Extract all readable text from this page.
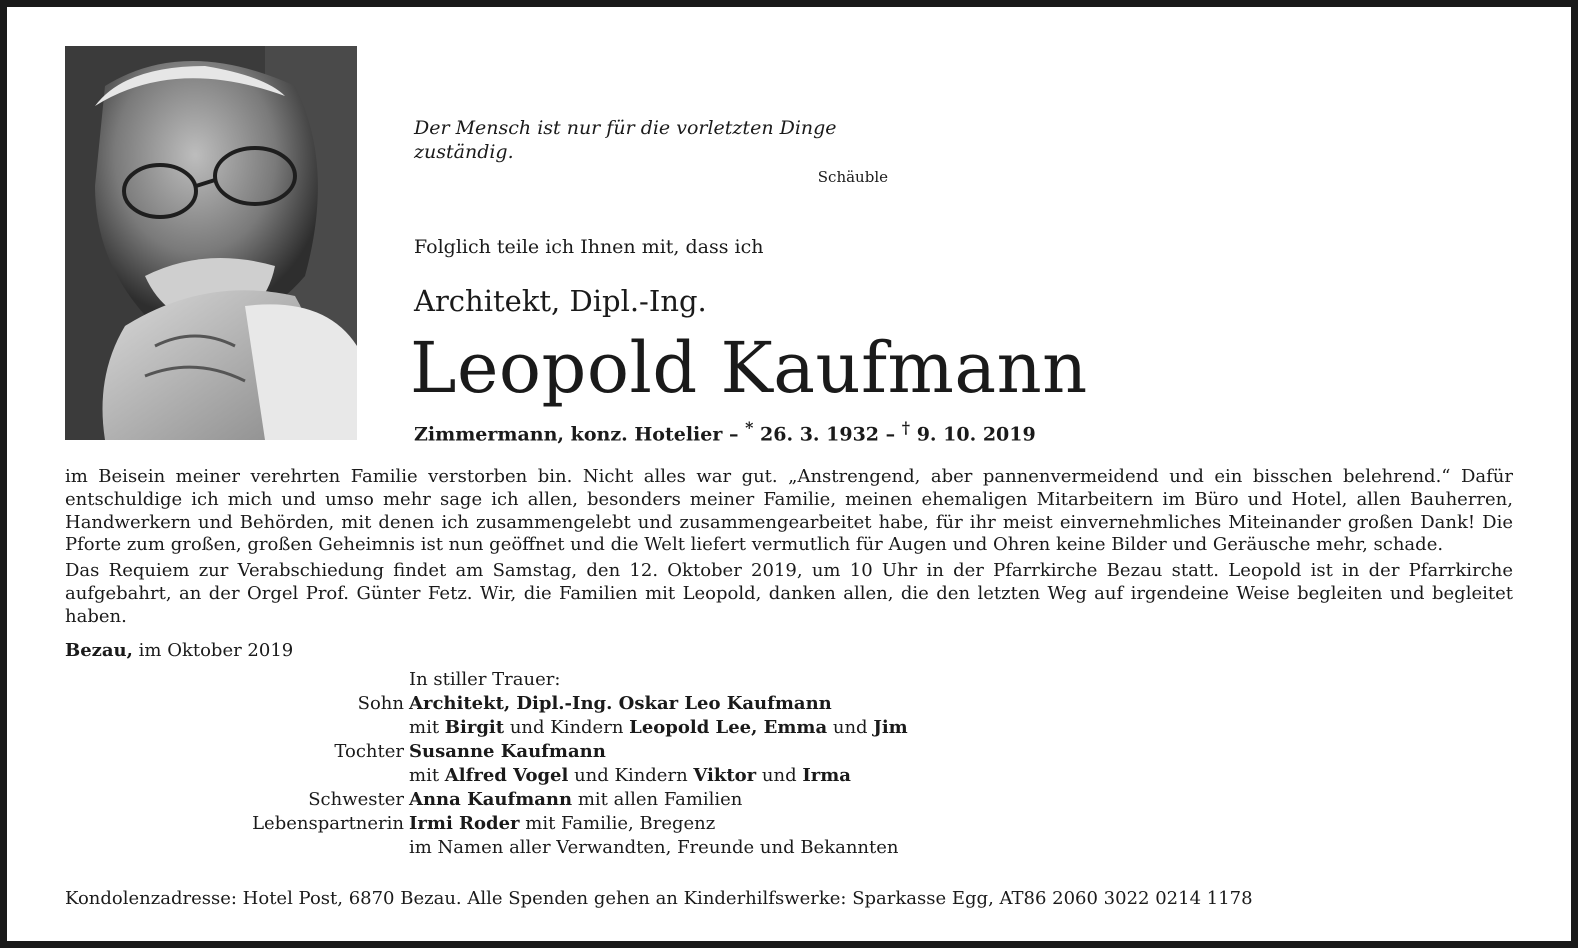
Der Mensch ist nur für die vorletzten Dinge zuständig.
Schäuble
Folglich teile ich Ihnen mit, dass ich
Architekt, Dipl.-Ing.
Leopold Kaufmann
Zimmermann, konz. Hotelier – * 26. 3. 1932 – † 9. 10. 2019

im Beisein meiner verehrten Familie verstorben bin. Nicht alles war gut. „Anstrengend, aber pannenvermeidend und ein bisschen belehrend.“ Dafür entschuldige ich mich und umso mehr sage ich allen, besonders meiner Familie, meinen ehemaligen Mitarbeitern im Büro und Hotel, allen Bauherren, Handwerkern und Behörden, mit denen ich zusammengelebt und zusammengearbeitet habe, für ihr meist einvernehmliches Miteinander großen Dank! Die Pforte zum großen, großen Geheimnis ist nun geöffnet und die Welt liefert vermutlich für Augen und Ohren keine Bilder und Geräusche mehr, schade.

Das Requiem zur Verabschiedung findet am Samstag, den 12. Oktober 2019, um 10 Uhr in der Pfarrkirche Bezau statt. Leopold ist in der Pfarrkirche aufgebahrt, an der Orgel Prof. Günter Fetz. Wir, die Familien mit Leopold, danken allen, die den letzten Weg auf irgendeine Weise begleiten und begleitet haben.

Bezau, im Oktober 2019
In stiller Trauer:
Sohn Architekt, Dipl.-Ing. Oskar Leo Kaufmann
mit Birgit und Kindern Leopold Lee, Emma und Jim
Tochter Susanne Kaufmann
mit Alfred Vogel und Kindern Viktor und Irma
Schwester Anna Kaufmann mit allen Familien
Lebenspartnerin Irmi Roder mit Familie, Bregenz
im Namen aller Verwandten, Freunde und Bekannten
Kondolenzadresse: Hotel Post, 6870 Bezau. Alle Spenden gehen an Kinderhilfswerke: Sparkasse Egg, AT86 2060 3022 0214 1178
